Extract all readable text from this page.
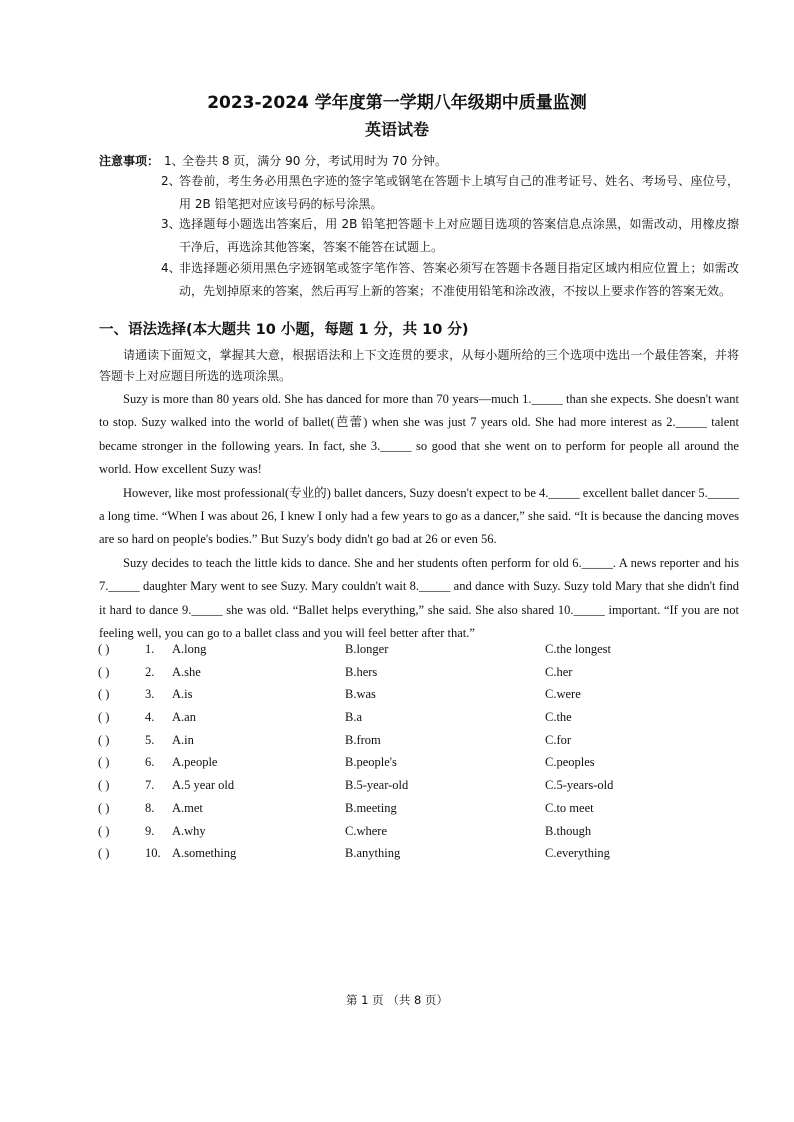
2023-2024 学年度第一学期八年级期中质量监测
英语试卷
注意事项： 1、
全卷共 8 页，满分 90 分，考试用时为 70 分钟。
2、
答卷前，考生务必用黑色字迹的签字笔或钢笔在答题卡上填写自己的准考证号、姓名、考场号、座位号，用 2B 铅笔把对应该号码的标号涂黑。
3、
选择题每小题选出答案后，用 2B 铅笔把答题卡上对应题目选项的答案信息点涂黑，如需改动，用橡皮擦干净后，再选涂其他答案，答案不能答在试题上。
4、
非选择题必须用黑色字迹钢笔或签字笔作答、答案必须写在答题卡各题目指定区域内相应位置上；如需改动，先划掉原来的答案，然后再写上新的答案；不准使用铅笔和涂改液，不按以上要求作答的答案无效。
一、语法选择(本大题共 10 小题，每题 1 分，共 10 分)
请通读下面短文，掌握其大意，根据语法和上下文连贯的要求，从每小题所给的三个选项中选出一个最佳答案，并将答题卡上对应题目所选的选项涂黑。

Suzy is more than 80 years old. She has danced for more than 70 years—much 1._____ than she expects. She doesn't want to stop. Suzy walked into the world of ballet(芭蕾) when she was just 7 years old. She had more interest as 2._____ talent became stronger in the following years. In fact, she 3._____ so good that she went on to perform for people all around the world. How excellent Suzy was!

However, like most professional(专业的) ballet dancers, Suzy doesn't expect to be 4._____ excellent ballet dancer 5._____ a long time. “When I was about 26, I knew I only had a few years to go as a dancer,” she said. “It is because the dancing moves are so hard on people's bodies.” But Suzy's body didn't go bad at 26 or even 56.

Suzy decides to teach the little kids to dance. She and her students often perform for old 6._____. A news reporter and his 7._____ daughter Mary went to see Suzy. Mary couldn't wait 8._____ and dance with Suzy. Suzy told Mary that she didn't find it hard to dance 9._____ she was old. “Ballet helps everything,” she said. She also shared 10._____ important. “If you are not feeling well, you can go to a ballet class and you will feel better after that.”

( )	1. A.long	B.longer	C.the longest
( )	2. A.she	B.hers	C.her
( )	3. A.is	B.was	C.were
( )	4. A.an	B.a	C.the
( )	5. A.in	B.from	C.for
( )	6. A.people	B.people's	C.peoples
( )	7. A.5 year old	B.5-year-old	C.5-years-old
( )	8. A.met	B.meeting	C.to meet
( )	9. A.why	C.where	B.though
( )	10. A.something	B.anything	C.everything
第 1 页 （共 8 页）
